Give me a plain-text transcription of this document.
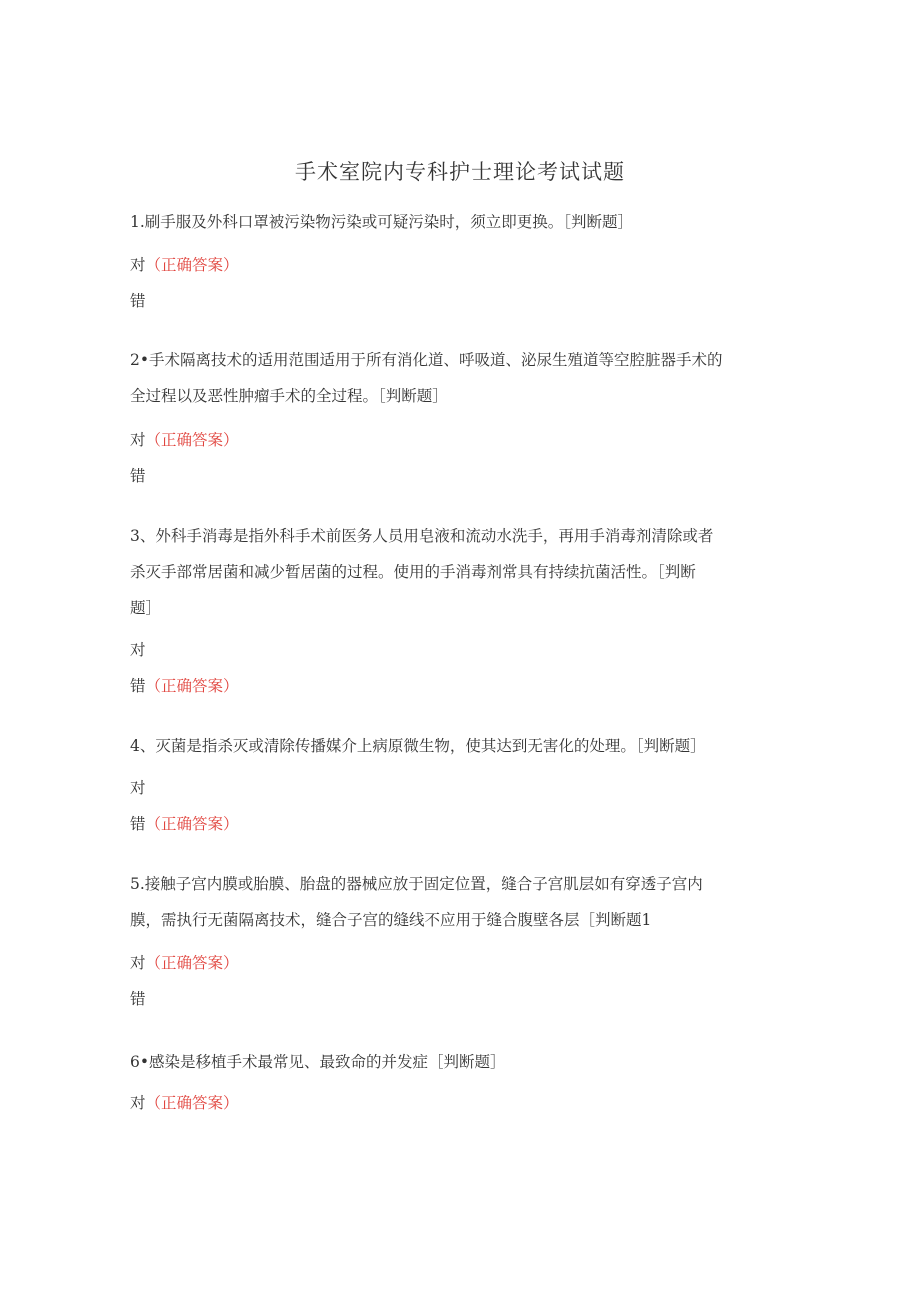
手术室院内专科护士理论考试试题
1.刷手服及外科口罩被污染物污染或可疑污染时，须立即更换。［判断题］
对（正确答案）
错
2•手术隔离技术的适用范围适用于所有消化道、呼吸道、泌尿生殖道等空腔脏器手术的
全过程以及恶性肿瘤手术的全过程。［判断题］
对（正确答案）
错
3、外科手消毒是指外科手术前医务人员用皂液和流动水洗手，再用手消毒剂清除或者
杀灭手部常居菌和减少暂居菌的过程。使用的手消毒剂常具有持续抗菌活性。［判断
题］
对
错（正确答案）
4、灭菌是指杀灭或清除传播媒介上病原微生物，使其达到无害化的处理。［判断题］
对
错（正确答案）
5.接触子宫内膜或胎膜、胎盘的器械应放于固定位置，缝合子宫肌层如有穿透子宫内
膜，需执行无菌隔离技术，缝合子宫的缝线不应用于缝合腹壁各层［判断题1
对（正确答案）
错
6•感染是移植手术最常见、最致命的并发症［判断题］
对（正确答案）
